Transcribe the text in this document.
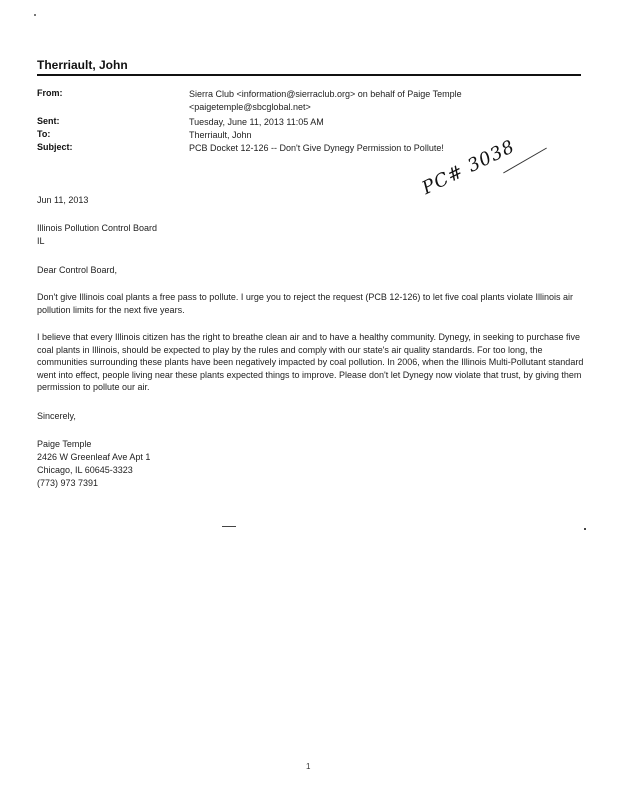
Therriault, John
From:	Sierra Club <information@sierraclub.org> on behalf of Paige Temple
<paigetemple@sbcglobal.net>
Sent:	Tuesday, June 11, 2013 11:05 AM
To:	Therriault, John
Subject:	PCB Docket 12-126 -- Don't Give Dynegy Permission to Pollute!
PC# 3038
Jun 11, 2013
Illinois Pollution Control Board
IL
Dear Control Board,
Don't give Illinois coal plants a free pass to pollute. I urge you to reject the request (PCB 12-126) to let five coal plants violate Illinois air pollution limits for the next five years.
I believe that every Illinois citizen has the right to breathe clean air and to have a healthy community. Dynegy, in seeking to purchase five coal plants in Illinois, should be expected to play by the rules and comply with our state's air quality standards. For too long, the communities surrounding these plants have been negatively impacted by coal pollution. In 2006, when the Illinois Multi-Pollutant standard went into effect, people living near these plants expected things to improve. Please don't let Dynegy now violate that trust, by giving them permission to pollute our air.
Sincerely,
Paige Temple
2426 W Greenleaf Ave Apt 1
Chicago, IL 60645-3323
(773) 973 7391
1
